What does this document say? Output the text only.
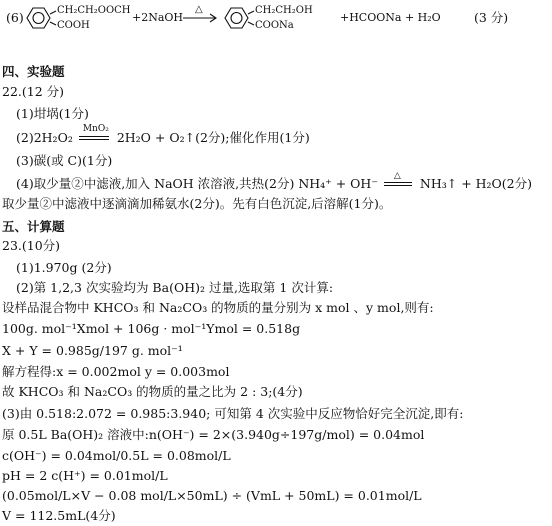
(6)	CH₂CH₂OOCH
COOH
+2NaOH
△	CH₂CH₂OH
COONa
+HCOONa + H₂O	(3 分)
四、实验题
22.(12 分)
(1)坩埚(1分)
(2)2H₂O₂
MnO₂
2H₂O + O₂↑(2分);催化作用(1分)
(3)碳(或 C)(1分)
(4)取少量②中滤液,加入 NaOH 浓溶液,共热(2分) NH₄⁺ + OH⁻ △ NH₃↑ + H₂O(2分)
取少量②中滤液中逐滴滴加稀氨水(2分)。先有白色沉淀,后溶解(1分)。
五、计算题
23.(10分)
(1)1.970g (2分)
(2)第 1,2,3 次实验均为 Ba(OH)₂ 过量,选取第 1 次计算:
设样品混合物中 KHCO₃ 和 Na₂CO₃ 的物质的量分别为 x mol 、y mol,则有:
100g. mol⁻¹Xmol + 106g · mol⁻¹Ymol = 0.518g
X + Y = 0.985g/197 g. mol⁻¹
解方程得:x = 0.002mol y = 0.003mol
故 KHCO₃ 和 Na₂CO₃ 的物质的量之比为 2 : 3;(4分)
(3)由 0.518:2.072 = 0.985:3.940; 可知第 4 次实验中反应物恰好完全沉淀,即有:
原 0.5L Ba(OH)₂ 溶液中:n(OH⁻) = 2×(3.940g÷197g/mol) = 0.04mol
c(OH⁻) = 0.04mol/0.5L = 0.08mol/L
pH = 2 c(H⁺) = 0.01mol/L
(0.05mol/L×V − 0.08 mol/L×50mL) ÷ (VmL + 50mL) = 0.01mol/L
V = 112.5mL(4分)
